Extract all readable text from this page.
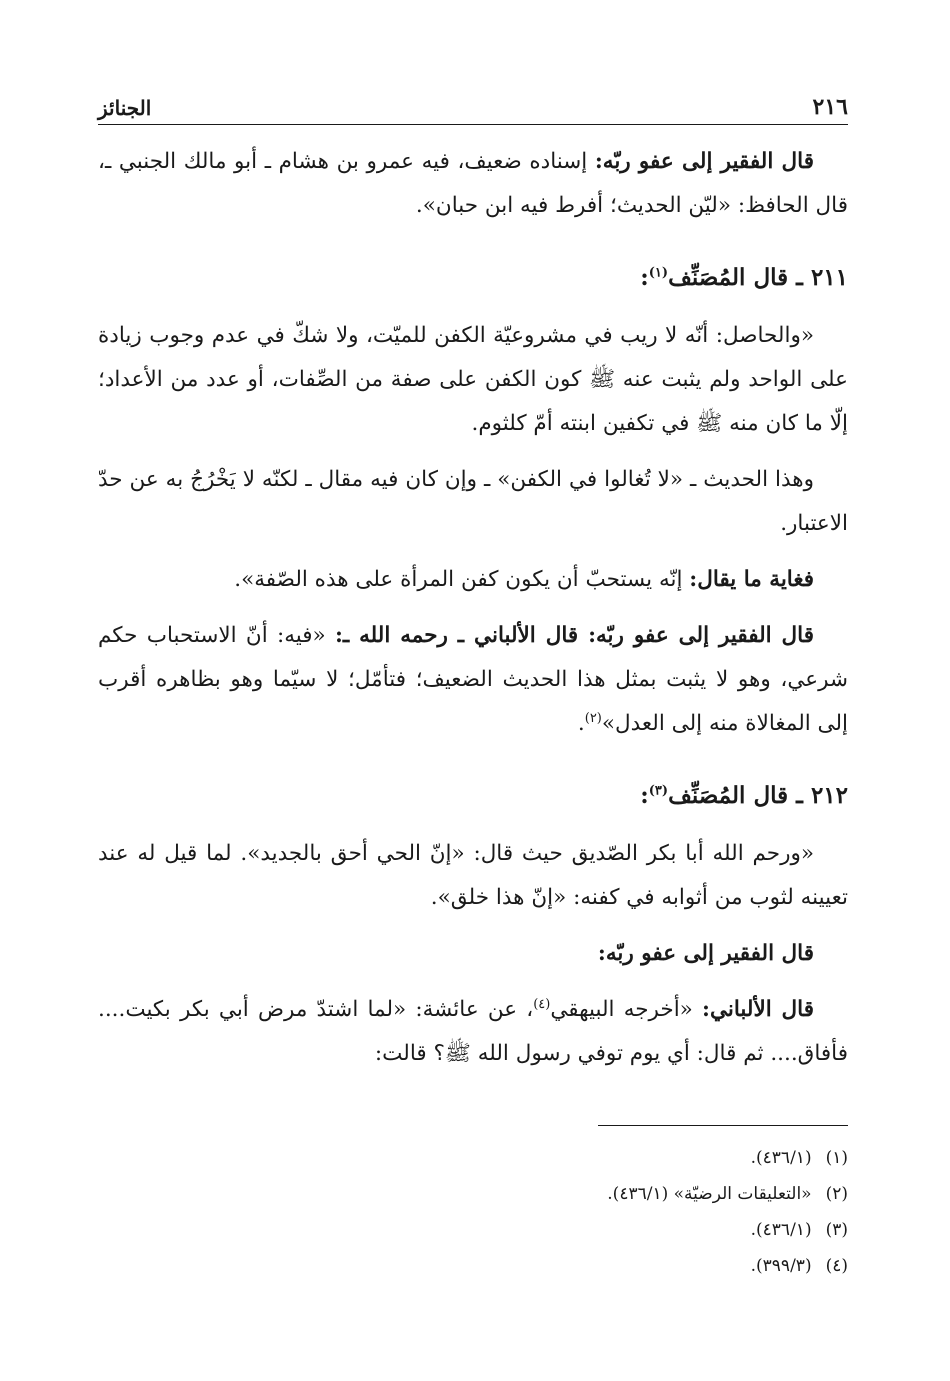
٢١٦
الجنائز

قال الفقير إلى عفو ربّه: إسناده ضعيف، فيه عمرو بن هشام ـ أبو مالك الجنبي ـ، قال الحافظ: «ليّن الحديث؛ أفرط فيه ابن حبان».

٢١١ ـ قال المُصَنِّف$^{(١)}$:

«والحاصل: أنّه لا ريب في مشروعيّة الكفن للميّت، ولا شكّ في عدم وجوب زيادة على الواحد ولم يثبت عنه ﷺ كون الكفن على صفة من الصِّفات، أو عدد من الأعداد؛ إلّا ما كان منه ﷺ في تكفين ابنته أمّ كلثوم.

وهذا الحديث ـ «لا تُغالوا في الكفن» ـ وإن كان فيه مقال ـ لكنّه لا يَخْرُجُ به عن حدّ الاعتبار.

فغاية ما يقال: إنّه يستحبّ أن يكون كفن المرأة على هذه الصّفة».

قال الفقير إلى عفو ربّه: قال الألباني ـ رحمه الله ـ: «فيه: أنّ الاستحباب حكم شرعي، وهو لا يثبت بمثل هذا الحديث الضعيف؛ فتأمّل؛ لا سيّما وهو بظاهره أقرب إلى المغالاة منه إلى العدل»$^{(٢)}$.

٢١٢ ـ قال المُصَنِّف$^{(٣)}$:

«ورحم الله أبا بكر الصّديق حيث قال: «إنّ الحي أحق بالجديد». لما قيل له عند تعيينه لثوب من أثوابه في كفنه: «إنّ هذا خلق».

قال الفقير إلى عفو ربّه:

قال الألباني: «أخرجه البيهقي$^{(٤)}$، عن عائشة: «لما اشتدّ مرض أبي بكر بكيت.... فأفاق.... ثم قال: أي يوم توفي رسول الله ﷺ؟ قالت:

(١)
(٤٣٦/١).
(٢)
«التعليقات الرضيّة» (٤٣٦/١).
(٣)
(٤٣٦/١).
(٤)
(٣٩٩/٣).
